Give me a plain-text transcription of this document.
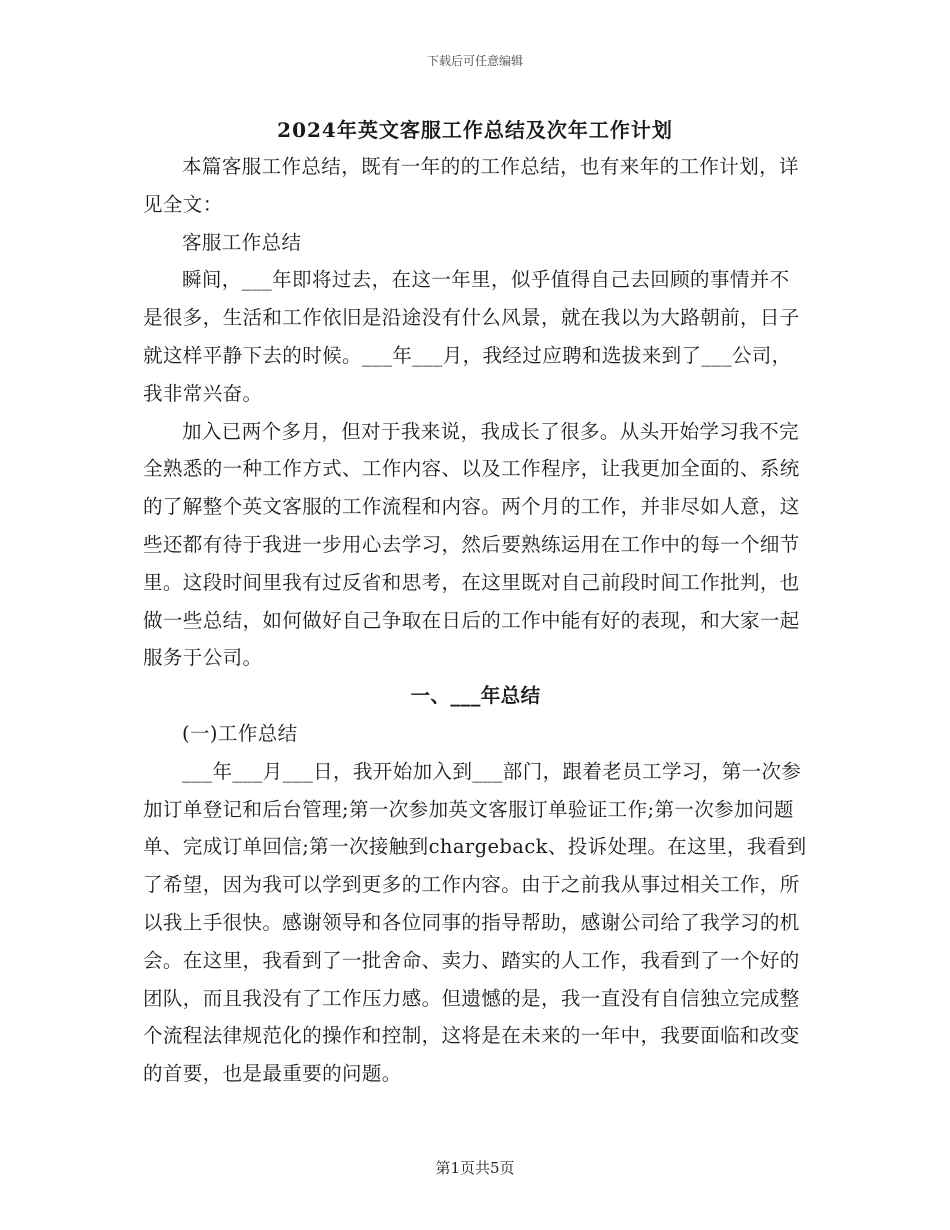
下载后可任意编辑
2024年英文客服工作总结及次年工作计划

本篇客服工作总结，既有一年的的工作总结，也有来年的工作计划，详见全文：

客服工作总结

瞬间，___年即将过去，在这一年里，似乎值得自己去回顾的事情并不是很多，生活和工作依旧是沿途没有什么风景，就在我以为大路朝前，日子就这样平静下去的时候。___年___月，我经过应聘和选拔来到了___公司，我非常兴奋。

加入已两个多月，但对于我来说，我成长了很多。从头开始学习我不完全熟悉的一种工作方式、工作内容、以及工作程序，让我更加全面的、系统的了解整个英文客服的工作流程和内容。两个月的工作，并非尽如人意，这些还都有待于我进一步用心去学习，然后要熟练运用在工作中的每一个细节里。这段时间里我有过反省和思考，在这里既对自己前段时间工作批判，也做一些总结，如何做好自己争取在日后的工作中能有好的表现，和大家一起服务于公司。

一、___年总结

(一)工作总结

___年___月___日，我开始加入到___部门，跟着老员工学习，第一次参加订单登记和后台管理;第一次参加英文客服订单验证工作;第一次参加问题单、完成订单回信;第一次接触到chargeback、投诉处理。在这里，我看到了希望，因为我可以学到更多的工作内容。由于之前我从事过相关工作，所以我上手很快。感谢领导和各位同事的指导帮助，感谢公司给了我学习的机会。在这里，我看到了一批舍命、卖力、踏实的人工作，我看到了一个好的团队，而且我没有了工作压力感。但遗憾的是，我一直没有自信独立完成整个流程法律规范化的操作和控制，这将是在未来的一年中，我要面临和改变的首要，也是最重要的问题。

第1页共5页
